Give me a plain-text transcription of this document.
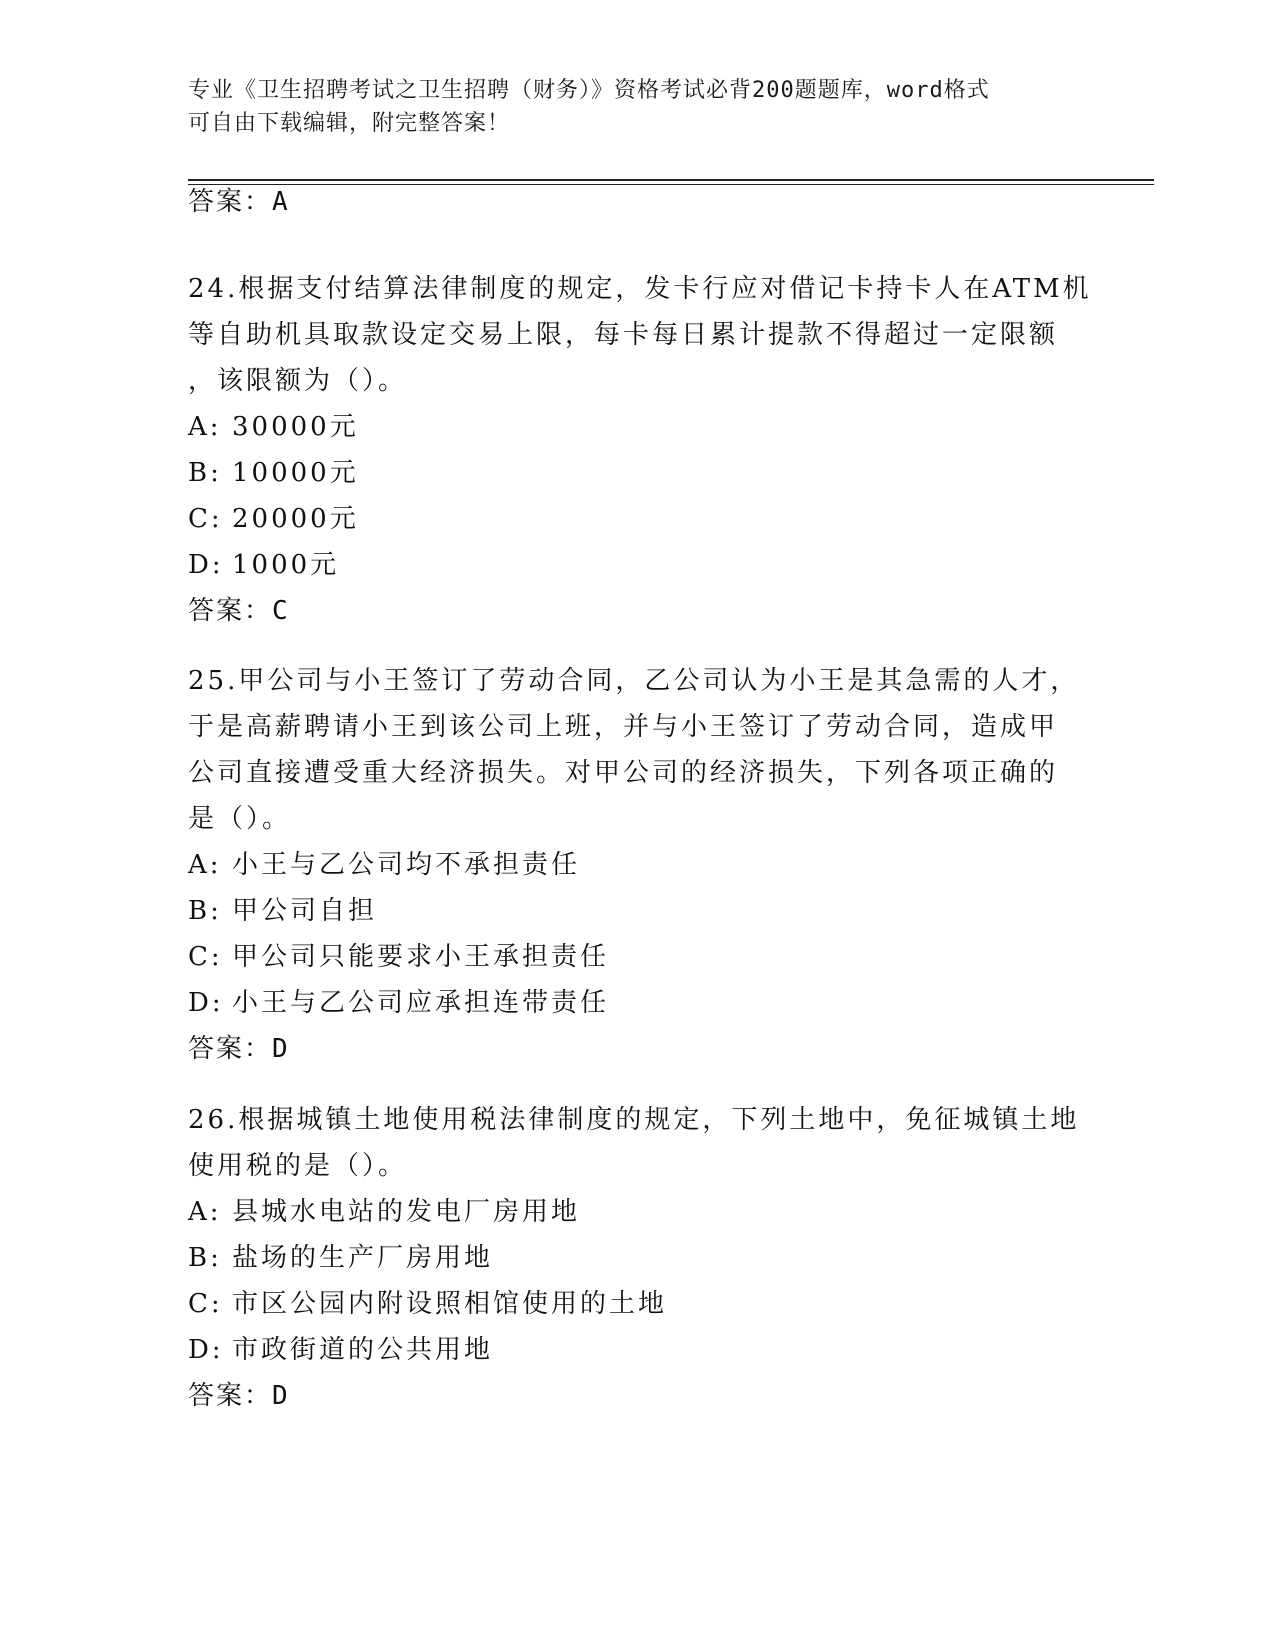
专业《卫生招聘考试之卫生招聘（财务）》资格考试必背200题题库，word格式
可自由下载编辑，附完整答案！
答案：A
24.根据支付结算法律制度的规定，发卡行应对借记卡持卡人在ATM机
等自助机具取款设定交易上限，每卡每日累计提款不得超过一定限额
，该限额为（）。
A: 30000元
B: 10000元
C: 20000元
D: 1000元
答案：C
25.甲公司与小王签订了劳动合同，乙公司认为小王是其急需的人才，
于是高薪聘请小王到该公司上班，并与小王签订了劳动合同，造成甲
公司直接遭受重大经济损失。对甲公司的经济损失，下列各项正确的
是（）。
A: 小王与乙公司均不承担责任
B: 甲公司自担
C: 甲公司只能要求小王承担责任
D: 小王与乙公司应承担连带责任
答案：D
26.根据城镇土地使用税法律制度的规定，下列土地中，免征城镇土地
使用税的是（）。
A: 县城水电站的发电厂房用地
B: 盐场的生产厂房用地
C: 市区公园内附设照相馆使用的土地
D: 市政街道的公共用地
答案：D
